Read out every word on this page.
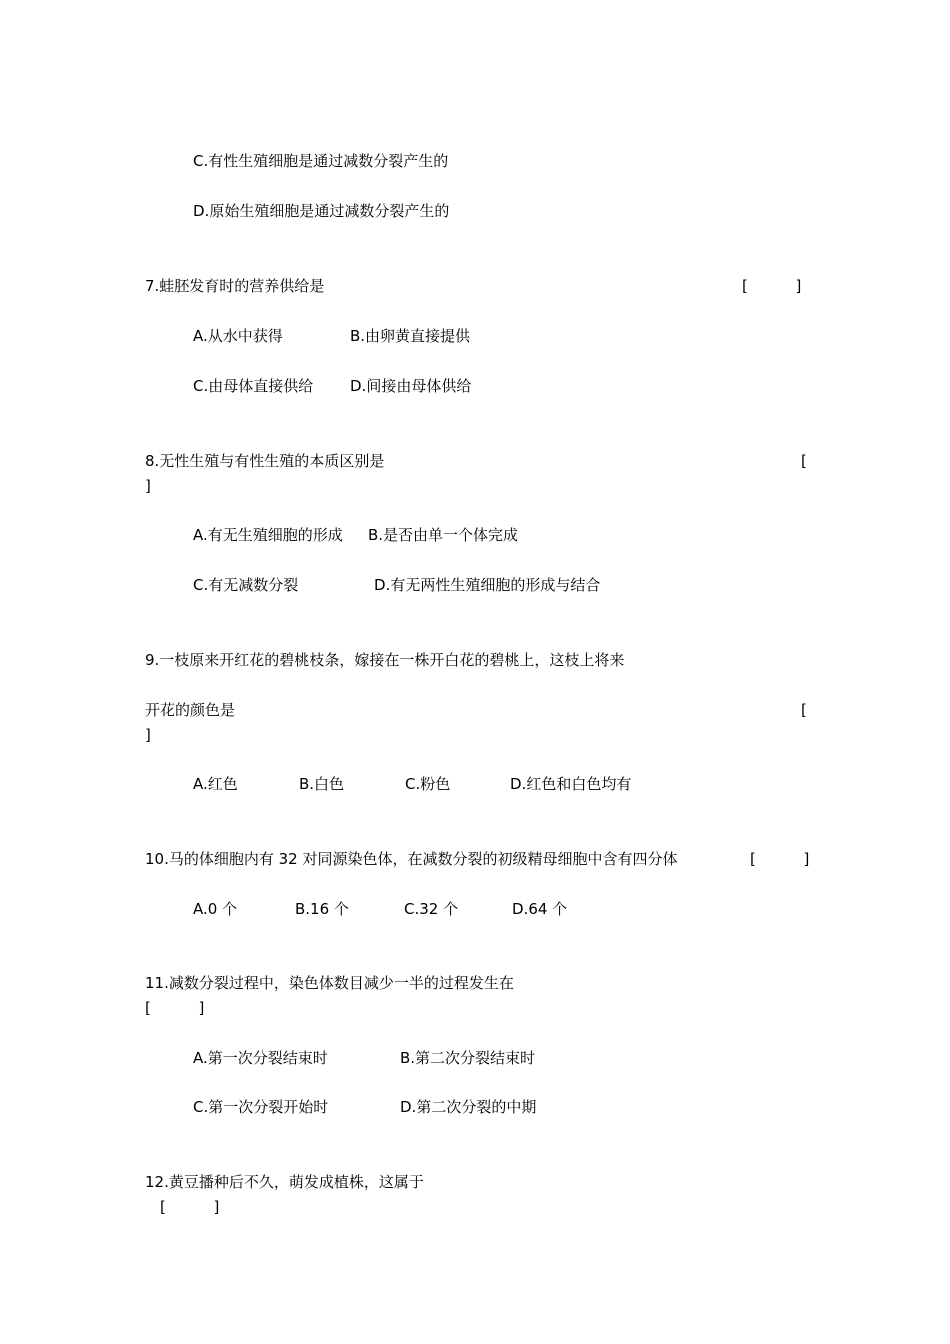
C.有性生殖细胞是通过减数分裂产生的
D.原始生殖细胞是通过减数分裂产生的
7.蛙胚发育时的营养供给是	[          ]
A.从水中获得	B.由卵黄直接提供
C.由母体直接供给 D.间接由母体供给
8.无性生殖与有性生殖的本质区别是	[
]
A.有无生殖细胞的形成 B.是否由单一个体完成
C.有无减数分裂	D.有无两性生殖细胞的形成与结合
9.一枝原来开红花的碧桃枝条，嫁接在一株开白花的碧桃上，这枝上将来
开花的颜色是	[
]
A.红色	B.白色	C.粉色	D.红色和白色均有
10.马的体细胞内有 32 对同源染色体，在减数分裂的初级精母细胞中含有四分体	[          ]
A.0 个	B.16 个	C.32 个	D.64 个
11.减数分裂过程中，染色体数目减少一半的过程发生在
[          ]
A.第一次分裂结束时	B.第二次分裂结束时
C.第一次分裂开始时	D.第二次分裂的中期
12.黄豆播种后不久，萌发成植株，这属于
[          ]
